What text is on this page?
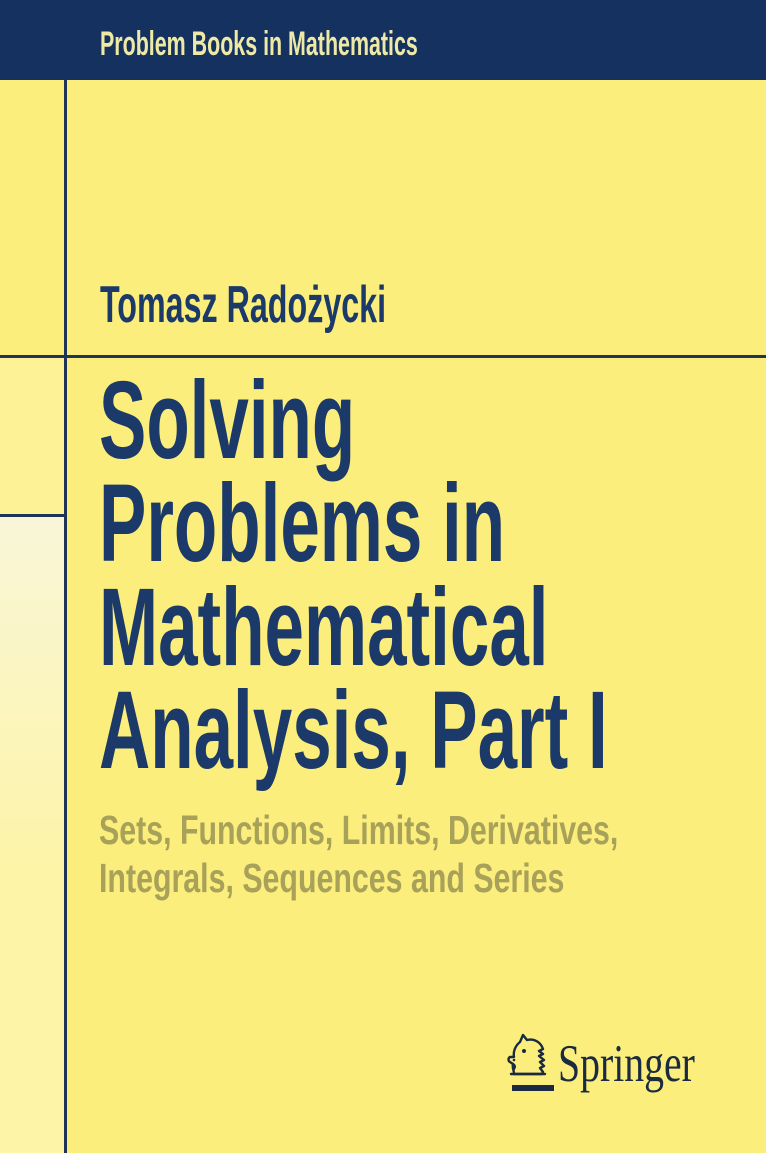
Problem Books in Mathematics
Tomasz Radożycki
Solving
Problems in
Mathematical
Analysis, Part I
Sets, Functions, Limits, Derivatives,
Integrals, Sequences and Series
Springer
